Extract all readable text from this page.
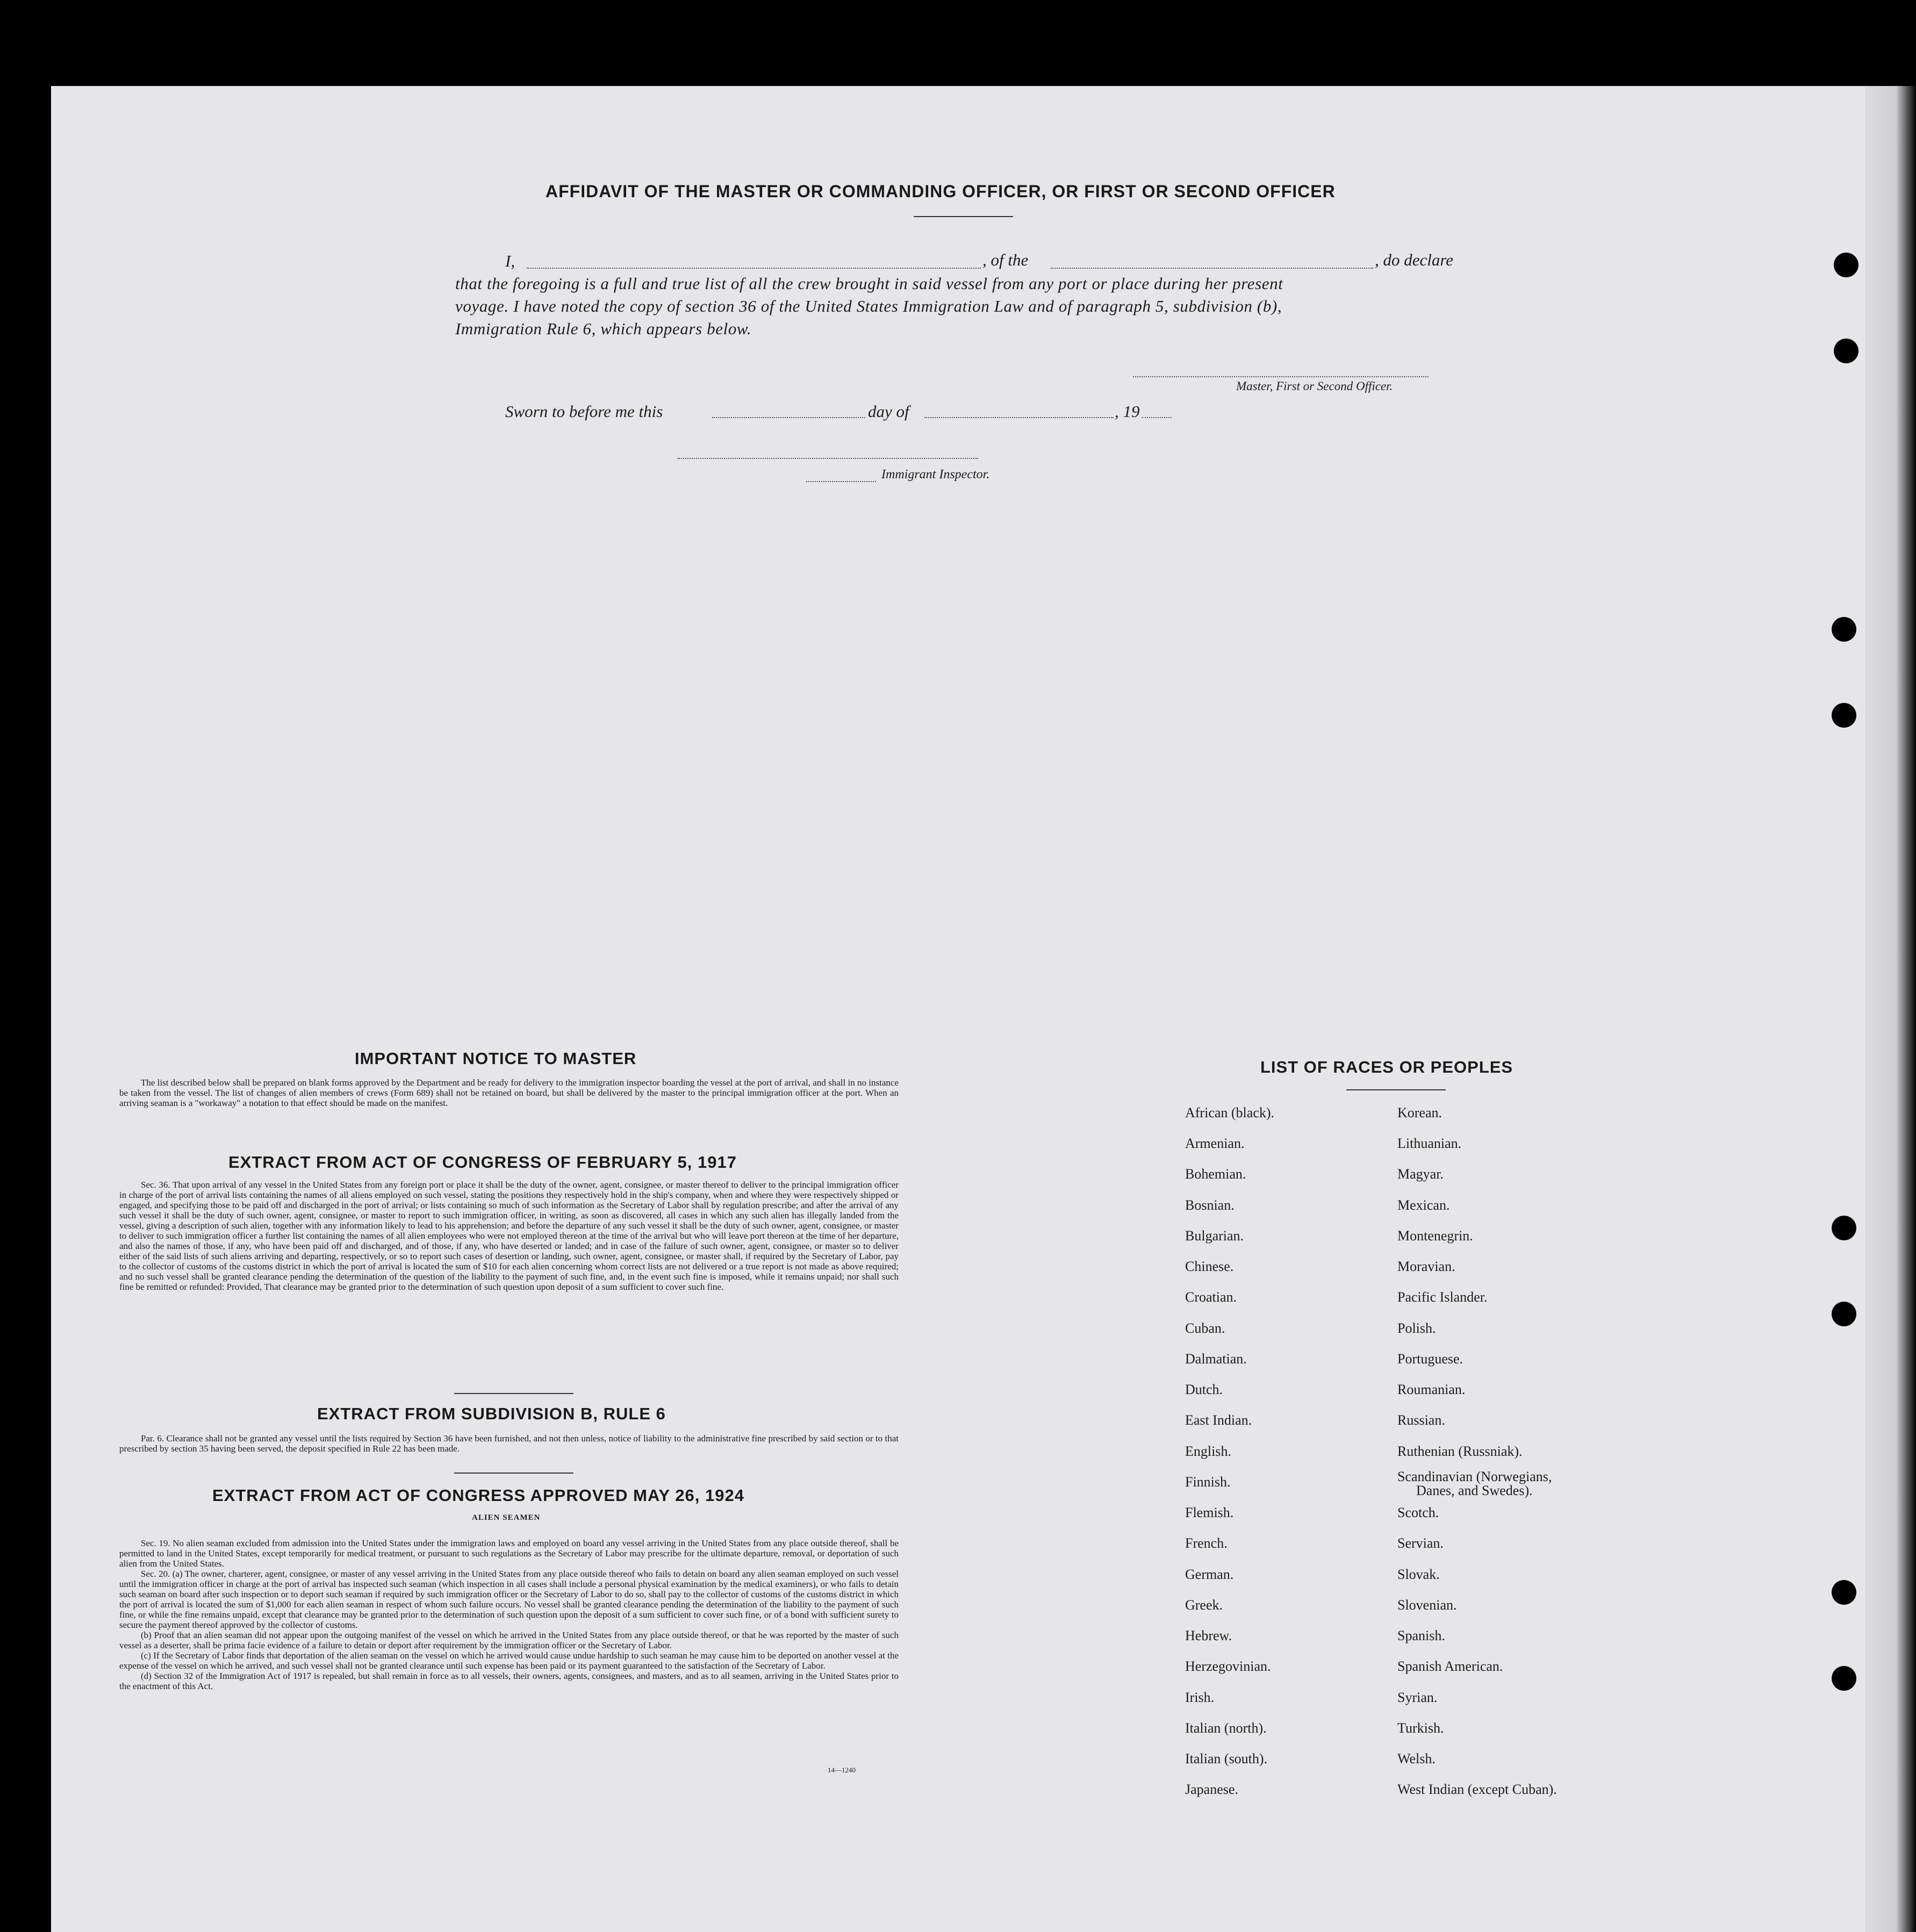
AFFIDAVIT OF THE MASTER OR COMMANDING OFFICER, OR FIRST OR SECOND OFFICER
I,	, of the	, do declare
that the foregoing is a full and true list of all the crew brought in said vessel from any port or place during her present
voyage. I have noted the copy of section 36 of the United States Immigration Law and of paragraph 5, subdivision (b),
Immigration Rule 6, which appears below.
Master, First or Second Officer.
Sworn to before me this	day of	, 19
Immigrant Inspector.
IMPORTANT NOTICE TO MASTER
The list described below shall be prepared on blank forms approved by the Department and be ready for delivery to the immigration inspector boarding the vessel at the port of arrival, and shall in no instance be taken from the vessel. The list of changes of alien members of crews (Form 689) shall not be retained on board, but shall be delivered by the master to the principal immigration officer at the port. When an arriving seaman is a "workaway" a notation to that effect should be made on the manifest.
EXTRACT FROM ACT OF CONGRESS OF FEBRUARY 5, 1917
Sec. 36. That upon arrival of any vessel in the United States from any foreign port or place it shall be the duty of the owner, agent, consignee, or master thereof to deliver to the principal immigration officer in charge of the port of arrival lists containing the names of all aliens employed on such vessel, stating the positions they respectively hold in the ship's company, when and where they were respectively shipped or engaged, and specifying those to be paid off and discharged in the port of arrival; or lists containing so much of such information as the Secretary of Labor shall by regulation prescribe; and after the arrival of any such vessel it shall be the duty of such owner, agent, consignee, or master to report to such immigration officer, in writing, as soon as discovered, all cases in which any such alien has illegally landed from the vessel, giving a description of such alien, together with any information likely to lead to his apprehension; and before the departure of any such vessel it shall be the duty of such owner, agent, consignee, or master to deliver to such immigration officer a further list containing the names of all alien employees who were not employed thereon at the time of the arrival but who will leave port thereon at the time of her departure, and also the names of those, if any, who have been paid off and discharged, and of those, if any, who have deserted or landed; and in case of the failure of such owner, agent, consignee, or master so to deliver either of the said lists of such aliens arriving and departing, respectively, or so to report such cases of desertion or landing, such owner, agent, consignee, or master shall, if required by the Secretary of Labor, pay to the collector of customs of the customs district in which the port of arrival is located the sum of $10 for each alien concerning whom correct lists are not delivered or a true report is not made as above required; and no such vessel shall be granted clearance pending the determination of the question of the liability to the payment of such fine, and, in the event such fine is imposed, while it remains unpaid; nor shall such fine be remitted or refunded: Provided, That clearance may be granted prior to the determination of such question upon deposit of a sum sufficient to cover such fine.
EXTRACT FROM SUBDIVISION B, RULE 6
Par. 6. Clearance shall not be granted any vessel until the lists required by Section 36 have been furnished, and not then unless, notice of liability to the administrative fine prescribed by said section or to that prescribed by section 35 having been served, the deposit specified in Rule 22 has been made.
EXTRACT FROM ACT OF CONGRESS APPROVED MAY 26, 1924
ALIEN SEAMEN

Sec. 19. No alien seaman excluded from admission into the United States under the immigration laws and employed on board any vessel arriving in the United States from any place outside thereof, shall be permitted to land in the United States, except temporarily for medical treatment, or pursuant to such regulations as the Secretary of Labor may prescribe for the ultimate departure, removal, or deportation of such alien from the United States.

Sec. 20. (a) The owner, charterer, agent, consignee, or master of any vessel arriving in the United States from any place outside thereof who fails to detain on board any alien seaman employed on such vessel until the immigration officer in charge at the port of arrival has inspected such seaman (which inspection in all cases shall include a personal physical examination by the medical examiners), or who fails to detain such seaman on board after such inspection or to deport such seaman if required by such immigration officer or the Secretary of Labor to do so, shall pay to the collector of customs of the customs district in which the port of arrival is located the sum of $1,000 for each alien seaman in respect of whom such failure occurs. No vessel shall be granted clearance pending the determination of the liability to the payment of such fine, or while the fine remains unpaid, except that clearance may be granted prior to the determination of such question upon the deposit of a sum sufficient to cover such fine, or of a bond with sufficient surety to secure the payment thereof approved by the collector of customs.

(b) Proof that an alien seaman did not appear upon the outgoing manifest of the vessel on which he arrived in the United States from any place outside thereof, or that he was reported by the master of such vessel as a deserter, shall be prima facie evidence of a failure to detain or deport after requirement by the immigration officer or the Secretary of Labor.

(c) If the Secretary of Labor finds that deportation of the alien seaman on the vessel on which he arrived would cause undue hardship to such seaman he may cause him to be deported on another vessel at the expense of the vessel on which he arrived, and such vessel shall not be granted clearance until such expense has been paid or its payment guaranteed to the satisfaction of the Secretary of Labor.

(d) Section 32 of the Immigration Act of 1917 is repealed, but shall remain in force as to all vessels, their owners, agents, consignees, and masters, and as to all seamen, arriving in the United States prior to the enactment of this Act.

14—1240
LIST OF RACES OR PEOPLES
African (black).
Armenian.
Bohemian.
Bosnian.
Bulgarian.
Chinese.
Croatian.
Cuban.
Dalmatian.
Dutch.
East Indian.
English.
Finnish.
Flemish.
French.
German.
Greek.
Hebrew.
Herzegovinian.
Irish.
Italian (north).
Italian (south).
Japanese.
Korean.
Lithuanian.
Magyar.
Mexican.
Montenegrin.
Moravian.
Pacific Islander.
Polish.
Portuguese.
Roumanian.
Russian.
Ruthenian (Russniak).
Scandinavian (Norwegians,
Danes, and Swedes).
Scotch.
Servian.
Slovak.
Slovenian.
Spanish.
Spanish American.
Syrian.
Turkish.
Welsh.
West Indian (except Cuban).
